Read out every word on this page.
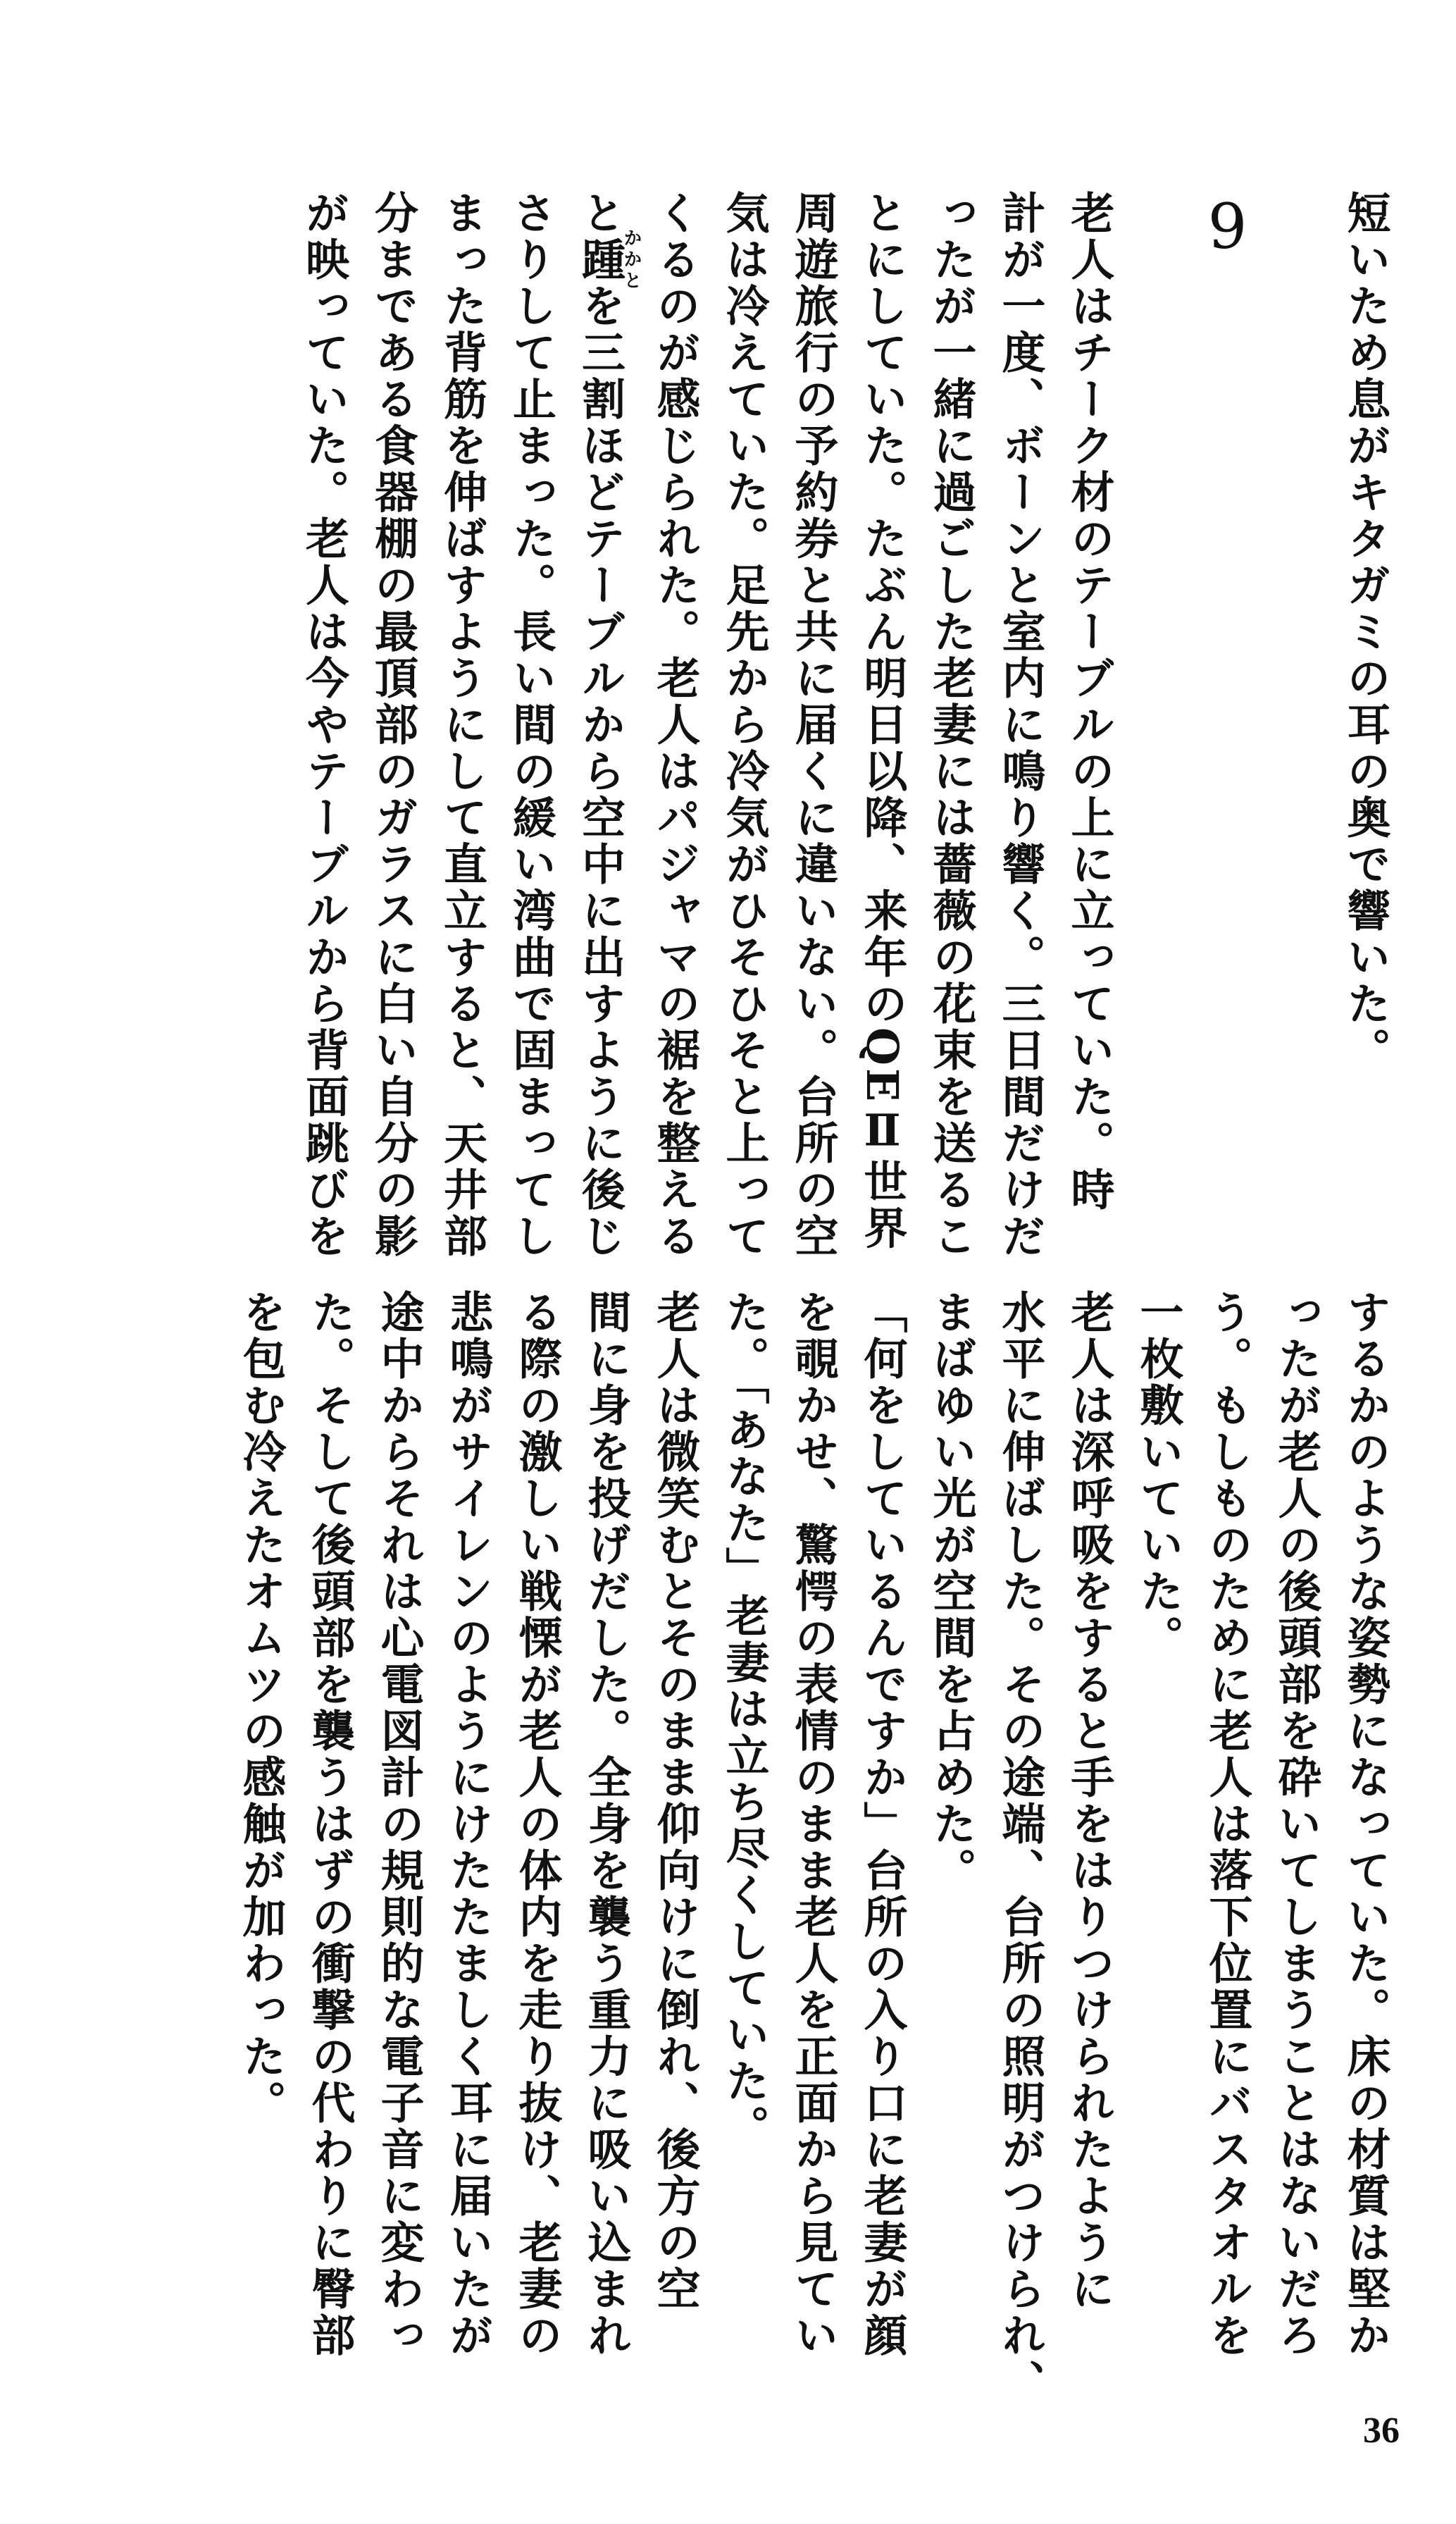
短いため息がキタガミの耳の奥で響いた。

9

老人はチーク材のテーブルの上に立っていた。時

計が一度、ボーンと室内に鳴り響く。三日間だけだ

ったが一緒に過ごした老妻には薔薇の花束を送るこ

とにしていた。たぶん明日以降、来年のQEⅡ世界

周遊旅行の予約券と共に届くに違いない。台所の空

気は冷えていた。足先から冷気がひそひそと上って

くるのが感じられた。老人はパジャマの裾を整える

と踵かかとを三割ほどテーブルから空中に出すように後じ

さりして止まった。長い間の緩い湾曲で固まってし

まった背筋を伸ばすようにして直立すると、天井部

分まである食器棚の最頂部のガラスに白い自分の影

が映っていた。老人は今やテーブルから背面跳びを

するかのような姿勢になっていた。床の材質は堅か

ったが老人の後頭部を砕いてしまうことはないだろ

う。もしものために老人は落下位置にバスタオルを

一枚敷いていた。

老人は深呼吸をすると手をはりつけられたように

水平に伸ばした。その途端、台所の照明がつけられ、

まばゆい光が空間を占めた。

「何をしているんですか」台所の入り口に老妻が顔

を覗かせ、驚愕の表情のまま老人を正面から見てい

た。「あなた」老妻は立ち尽くしていた。

老人は微笑むとそのまま仰向けに倒れ、後方の空

間に身を投げだした。全身を襲う重力に吸い込まれ

る際の激しい戦慄が老人の体内を走り抜け、老妻の

悲鳴がサイレンのようにけたたましく耳に届いたが

途中からそれは心電図計の規則的な電子音に変わっ

た。そして後頭部を襲うはずの衝撃の代わりに臀部

を包む冷えたオムツの感触が加わった。

36
